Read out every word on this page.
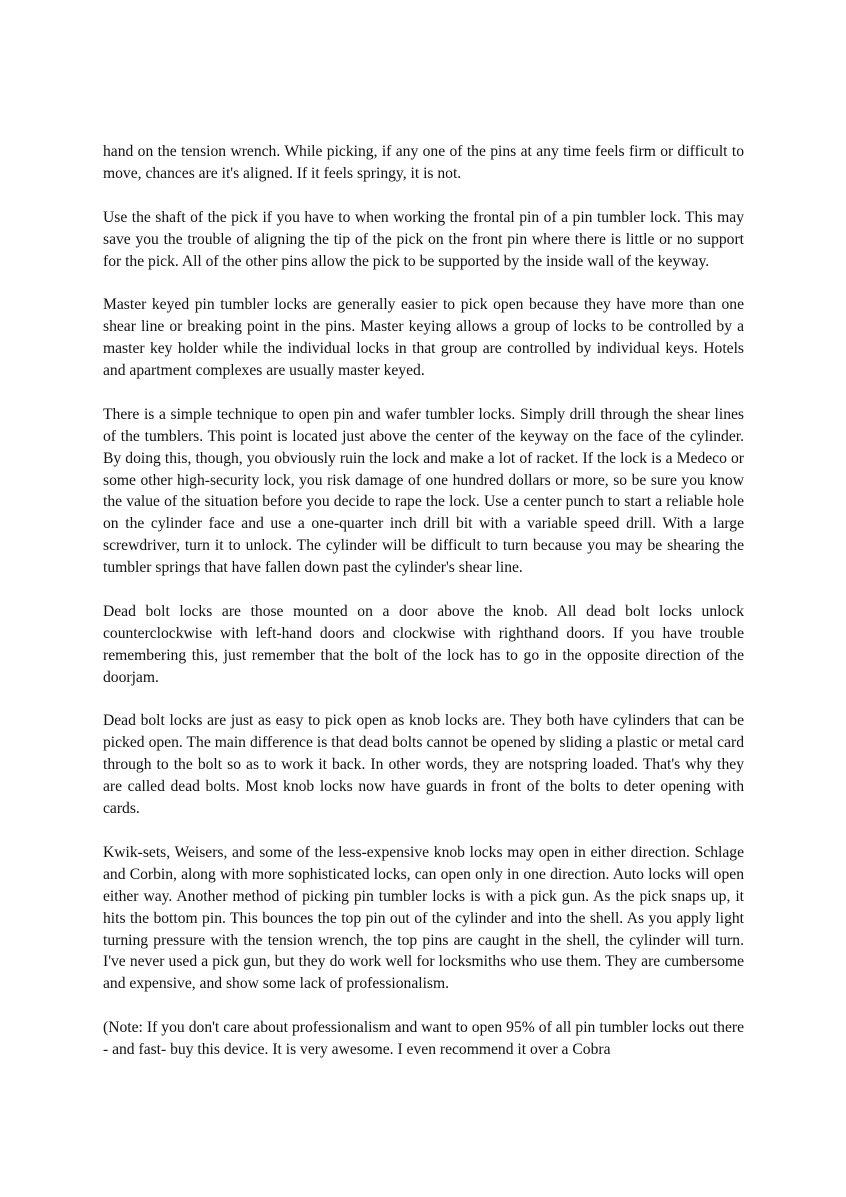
hand on the tension wrench. While picking, if any one of the pins at any time feels firm or difficult to move, chances are it's aligned. If it feels springy, it is not.

Use the shaft of the pick if you have to when working the frontal pin of a pin tumbler lock. This may save you the trouble of aligning the tip of the pick on the front pin where there is little or no support for the pick. All of the other pins allow the pick to be supported by the inside wall of the keyway.

Master keyed pin tumbler locks are generally easier to pick open because they have more than one shear line or breaking point in the pins. Master keying allows a group of locks to be controlled by a master key holder while the individual locks in that group are controlled by individual keys. Hotels and apartment complexes are usually master keyed.

There is a simple technique to open pin and wafer tumbler locks. Simply drill through the shear lines of the tumblers. This point is located just above the center of the keyway on the face of the cylinder. By doing this, though, you obviously ruin the lock and make a lot of racket. If the lock is a Medeco or some other high-security lock, you risk damage of one hundred dollars or more, so be sure you know the value of the situation before you decide to rape the lock. Use a center punch to start a reliable hole on the cylinder face and use a one-quarter inch drill bit with a variable speed drill. With a large screwdriver, turn it to unlock. The cylinder will be difficult to turn because you may be shearing the tumbler springs that have fallen down past the cylinder's shear line.

Dead bolt locks are those mounted on a door above the knob. All dead bolt locks unlock counterclockwise with left-hand doors and clockwise with righthand doors. If you have trouble remembering this, just remember that the bolt of the lock has to go in the opposite direction of the doorjam.

Dead bolt locks are just as easy to pick open as knob locks are. They both have cylinders that can be picked open. The main difference is that dead bolts cannot be opened by sliding a plastic or metal card through to the bolt so as to work it back. In other words, they are notspring loaded. That's why they are called dead bolts. Most knob locks now have guards in front of the bolts to deter opening with cards.

Kwik-sets, Weisers, and some of the less-expensive knob locks may open in either direction. Schlage and Corbin, along with more sophisticated locks, can open only in one direction. Auto locks will open either way. Another method of picking pin tumbler locks is with a pick gun. As the pick snaps up, it hits the bottom pin. This bounces the top pin out of the cylinder and into the shell. As you apply light turning pressure with the tension wrench, the top pins are caught in the shell, the cylinder will turn. I've never used a pick gun, but they do work well for locksmiths who use them. They are cumbersome and expensive, and show some lack of professionalism.

(Note: If you don't care about professionalism and want to open 95% of all pin tumbler locks out there - and fast- buy this device. It is very awesome. I even recommend it over a Cobra
